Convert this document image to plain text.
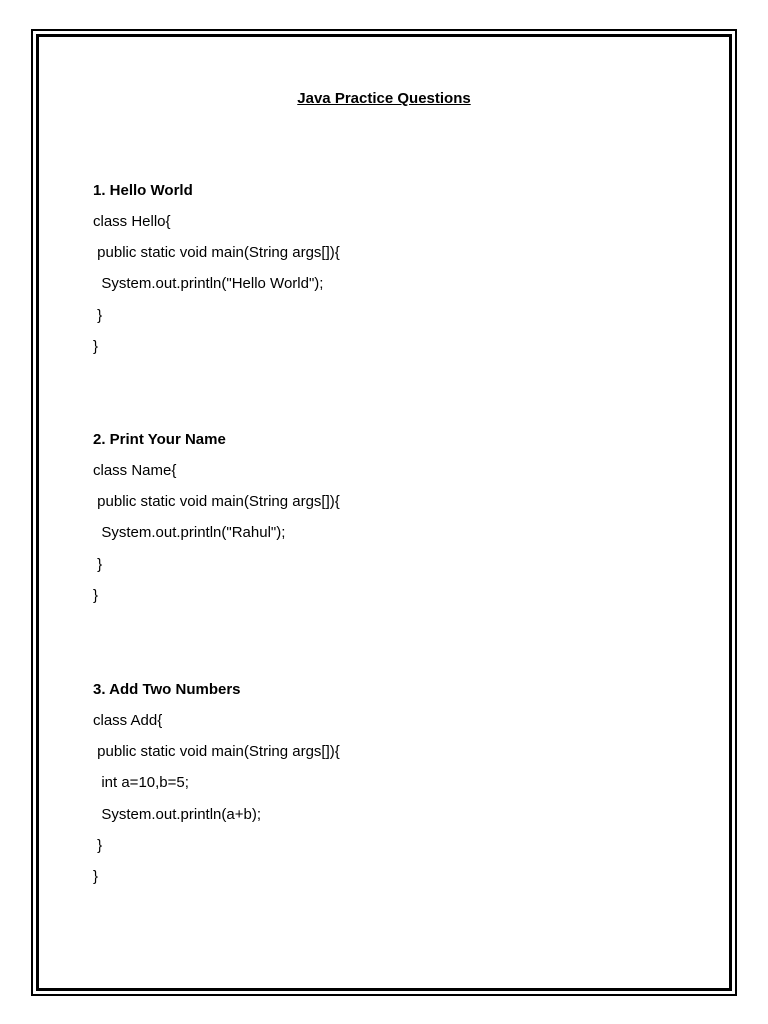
Java Practice Questions

1. Hello World

class Hello{

public static void main(String args[]){

System.out.println("Hello World");

}

}

2. Print Your Name

class Name{

public static void main(String args[]){

System.out.println("Rahul");

}

}

3. Add Two Numbers

class Add{

public static void main(String args[]){

int a=10,b=5;

System.out.println(a+b);

}

}
